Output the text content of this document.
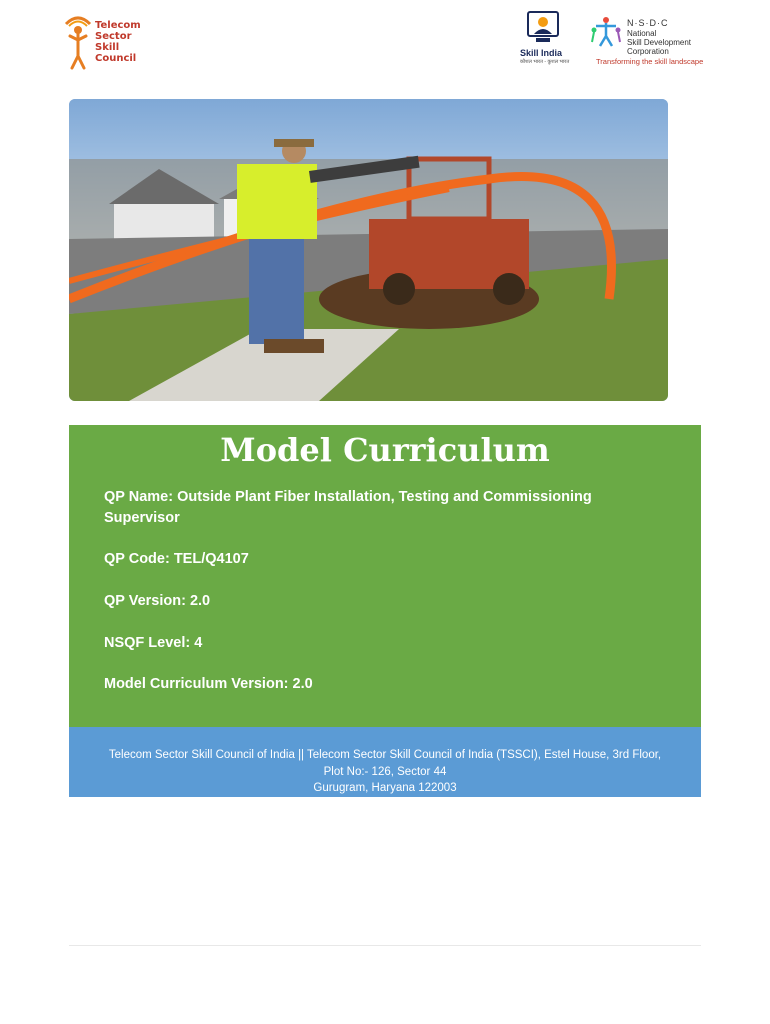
Telecom
Sector
Skill
Council	Skill India
कौशल भारत - कुशल भारत
N·S·D·C
National
Skill Development
Corporation
Transforming the skill landscape
Model Curriculum
QP Name: Outside Plant Fiber Installation, Testing and Commissioning Supervisor
QP Code: TEL/Q4107
QP Version: 2.0
NSQF Level: 4
Model Curriculum Version: 2.0
Telecom Sector Skill Council of India || Telecom Sector Skill Council of India (TSSCI), Estel House, 3rd Floor,
Plot No:- 126, Sector 44
Gurugram, Haryana 122003
